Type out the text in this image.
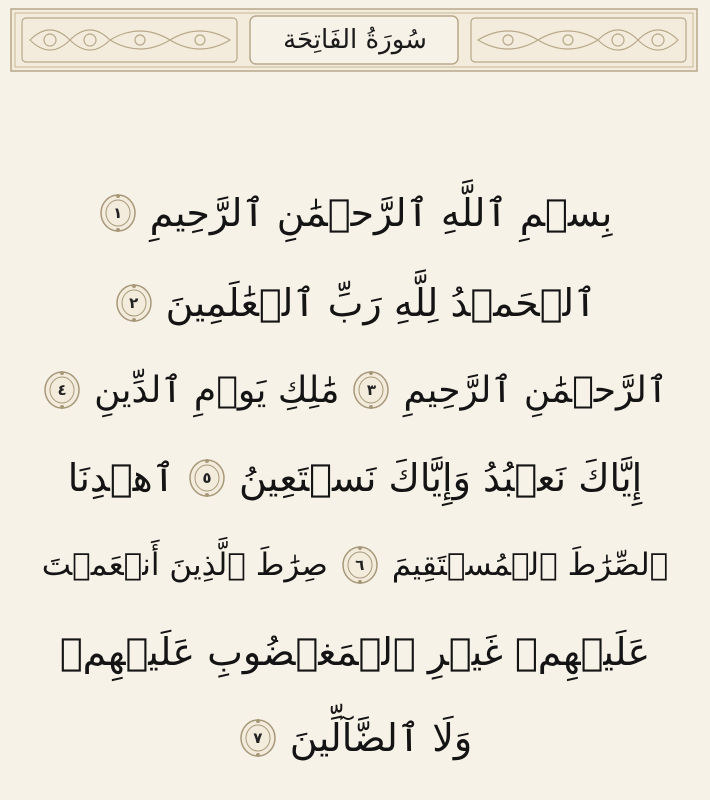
سُورَةُ الفَاتِحَة
بِسۡمِ ٱللَّهِ ٱلرَّحۡمَٰنِ ٱلرَّحِيمِ
١
ٱلۡحَمۡدُ لِلَّهِ رَبِّ ٱلۡعَٰلَمِينَ
٢
ٱلرَّحۡمَٰنِ ٱلرَّحِيمِ
٣
مَٰلِكِ يَوۡمِ ٱلدِّينِ
٤
إِيَّاكَ نَعۡبُدُ وَإِيَّاكَ نَسۡتَعِينُ
٥
ٱهۡدِنَا
ٱلصِّرَٰطَ ٱلۡمُسۡتَقِيمَ
٦
صِرَٰطَ ٱلَّذِينَ أَنۡعَمۡتَ
عَلَيۡهِمۡ غَيۡرِ ٱلۡمَغۡضُوبِ عَلَيۡهِمۡ
وَلَا ٱلضَّآلِّينَ
٧
